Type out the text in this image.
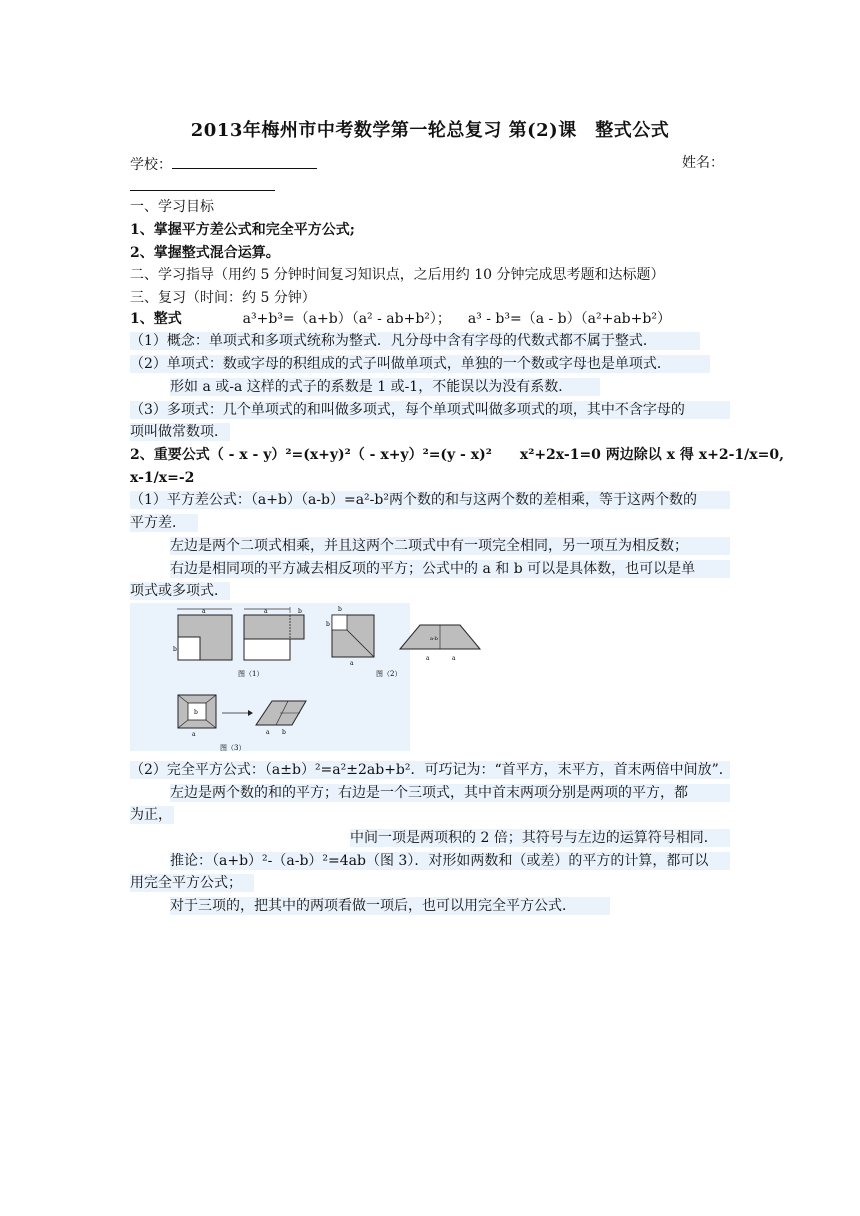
2013年梅州市中考数学第一轮总复习 第(2)课　整式公式
学校：	姓名：
一、学习目标
1、掌握平方差公式和完全平方公式;
2、掌握整式混合运算。
二、学习指导（用约 5 分钟时间复习知识点，之后用约 10 分钟完成思考题和达标题）
三、复习（时间：约 5 分钟）
1、整式	a³+b³=（a+b）（a² - ab+b²）； a³ - b³=（a - b）（a²+ab+b²）
（1）概念：单项式和多项式统称为整式．凡分母中含有字母的代数式都不属于整式．
（2）单项式：数或字母的积组成的式子叫做单项式，单独的一个数或字母也是单项式．
形如 a 或-a 这样的式子的系数是 1 或-1，不能误以为没有系数．
（3）多项式：几个单项式的和叫做多项式，每个单项式叫做多项式的项，其中不含字母的
项叫做常数项．
2、重要公式（ - x - y）²=(x+y)²（ - x+y）²=(y - x)²　　x²+2x-1=0 两边除以 x 得 x+2-1/x=0,
x-1/x=-2
（1）平方差公式：（a+b）（a-b）=a²-b²两个数的和与这两个数的差相乘，等于这两个数的
平方差．
左边是两个二项式相乘，并且这两个二项式中有一项完全相同，另一项互为相反数；
右边是相同项的平方减去相反项的平方；公式中的 a 和 b 可以是具体数，也可以是单
项式或多项式．
a
b
a	b
图（1）
b
b
a
a-b
a	a
图（2）
b
a	a b
图（3）
（2）完全平方公式：（a±b）²=a²±2ab+b²．可巧记为：“首平方，末平方，首末两倍中间放”．
左边是两个数的和的平方；右边是一个三项式，其中首末两项分别是两项的平方，都
为正，
中间一项是两项积的 2 倍；其符号与左边的运算符号相同．
推论：（a+b）²-（a-b）²=4ab（图 3）．对形如两数和（或差）的平方的计算，都可以
用完全平方公式；
对于三项的，把其中的两项看做一项后，也可以用完全平方公式．
